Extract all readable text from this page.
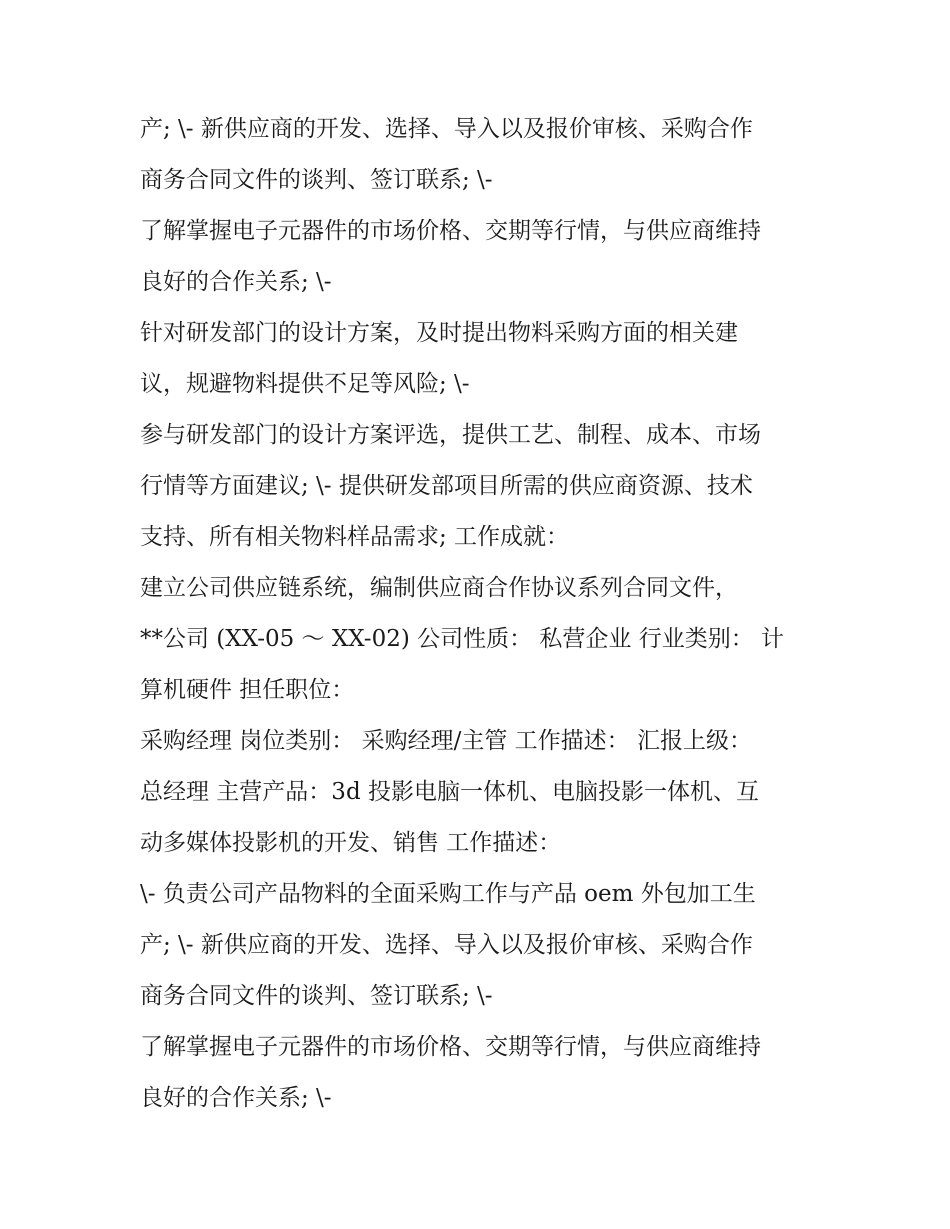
产; \- 新供应商的开发、选择、导入以及报价审核、采购合作
商务合同文件的谈判、签订联系; \-
了解掌握电子元器件的市场价格、交期等行情，与供应商维持
良好的合作关系; \-
针对研发部门的设计方案，及时提出物料采购方面的相关建
议，规避物料提供不足等风险; \-
参与研发部门的设计方案评选，提供工艺、制程、成本、市场
行情等方面建议; \- 提供研发部项目所需的供应商资源、技术
支持、所有相关物料样品需求; 工作成就：
建立公司供应链系统，编制供应商合作协议系列合同文件，
**公司 (XX-05 ～ XX-02) 公司性质： 私营企业 行业类别： 计
算机硬件 担任职位：
采购经理 岗位类别： 采购经理/主管 工作描述： 汇报上级：
总经理 主营产品：3d 投影电脑一体机、电脑投影一体机、互
动多媒体投影机的开发、销售 工作描述：
\- 负责公司产品物料的全面采购工作与产品 oem 外包加工生
产; \- 新供应商的开发、选择、导入以及报价审核、采购合作
商务合同文件的谈判、签订联系; \-
了解掌握电子元器件的市场价格、交期等行情，与供应商维持
良好的合作关系; \-
